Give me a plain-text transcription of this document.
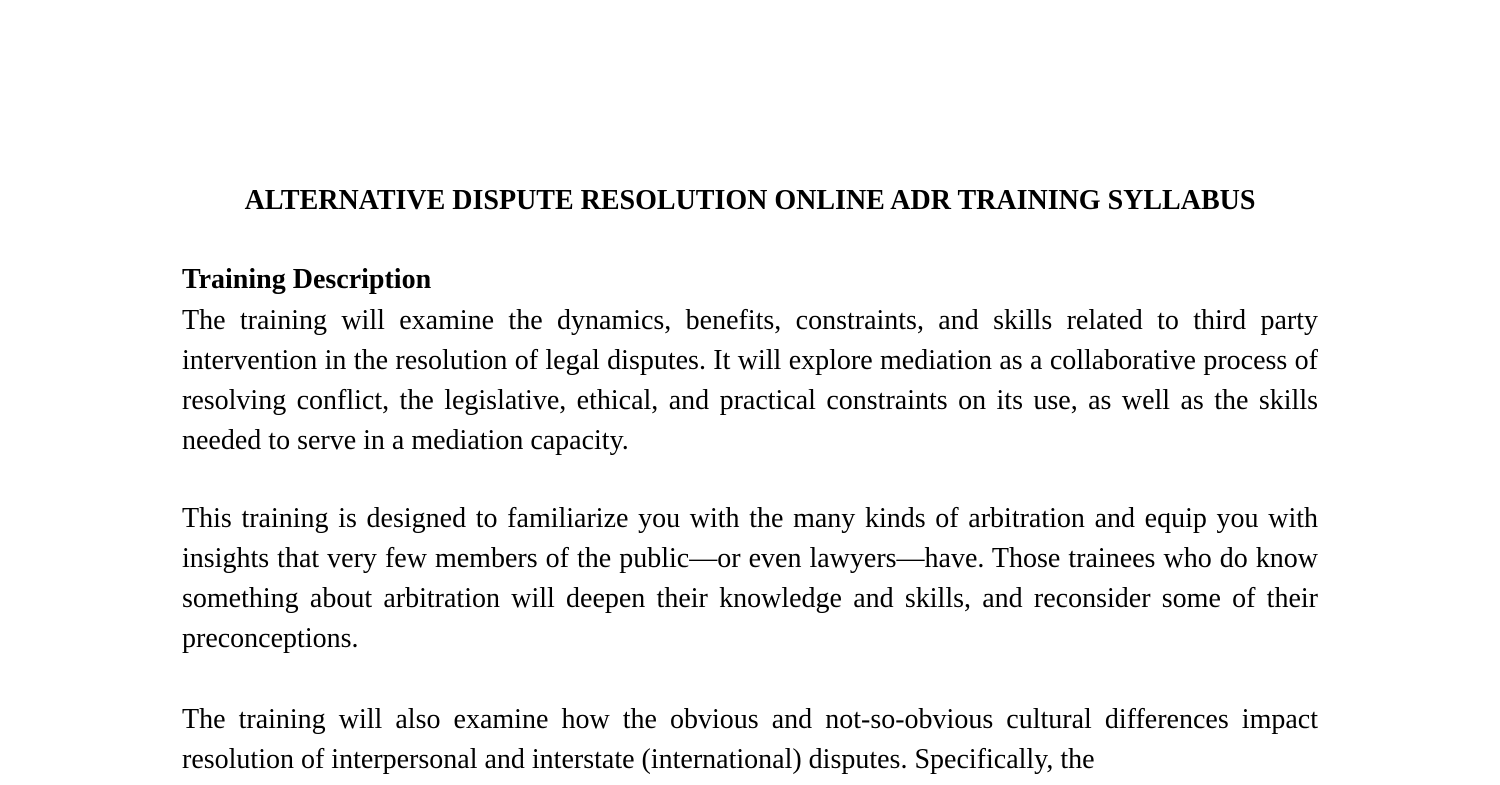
ALTERNATIVE DISPUTE RESOLUTION ONLINE ADR TRAINING SYLLABUS
Training Description

The training will examine the dynamics, benefits, constraints, and skills related to third party intervention in the resolution of legal disputes. It will explore mediation as a collaborative process of resolving conflict, the legislative, ethical, and practical constraints on its use, as well as the skills needed to serve in a mediation capacity.

This training is designed to familiarize you with the many kinds of arbitration and equip you with insights that very few members of the public—or even lawyers—have. Those trainees who do know something about arbitration will deepen their knowledge and skills, and reconsider some of their preconceptions.

The training will also examine how the obvious and not-so-obvious cultural differences impact resolution of interpersonal and interstate (international) disputes. Specifically, the
